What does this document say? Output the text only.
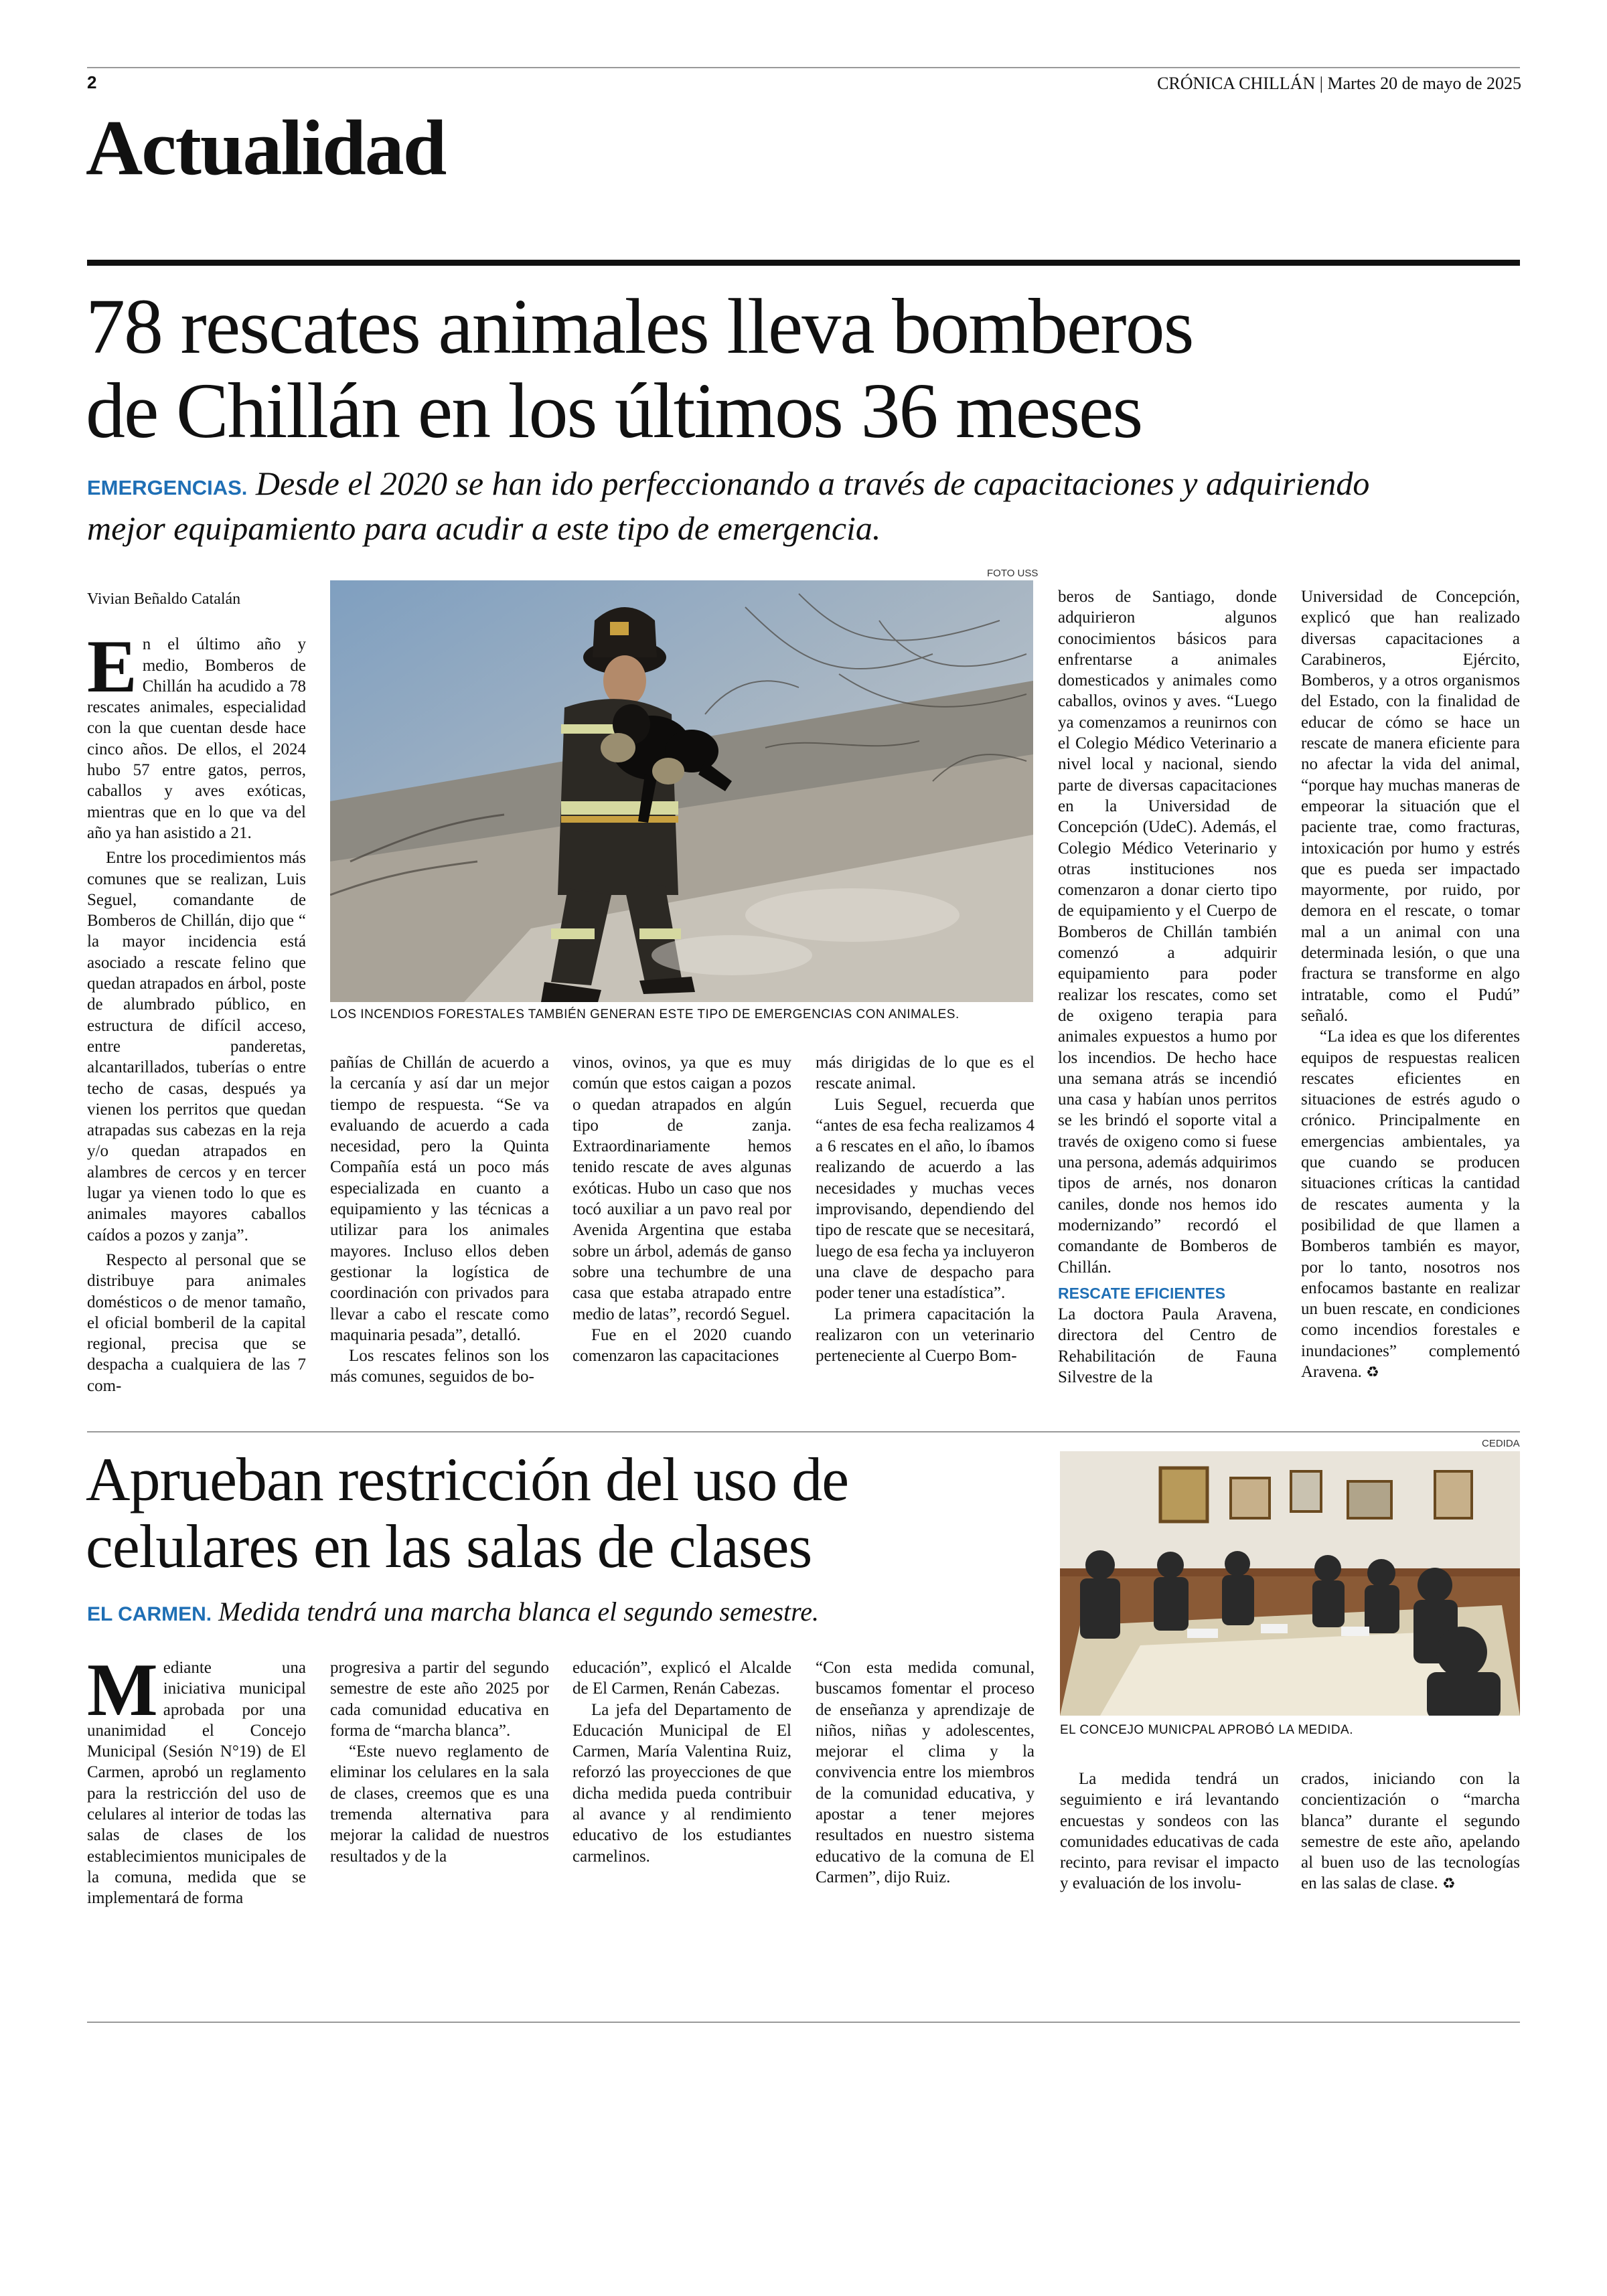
2	CRÓNICA CHILLÁN | Martes 20 de mayo de 2025
Actualidad
78 rescates animales lleva bomberos
de Chillán en los últimos 36 meses
EMERGENCIAS. Desde el 2020 se han ido perfeccionando a través de capacitaciones y adquiriendo
mejor equipamiento para acudir a este tipo de emergencia.
FOTO USS
LOS INCENDIOS FORESTALES TAMBIÉN GENERAN ESTE TIPO DE EMERGENCIAS CON ANIMALES.

Vivian Beñaldo Catalán

En el último año y medio, Bomberos de Chillán ha acudido a 78 rescates animales, especialidad con la que cuentan desde hace cinco años. De ellos, el 2024 hubo 57 entre gatos, perros, caballos y aves exóticas, mientras que en lo que va del año ya han asistido a 21.

Entre los procedimientos más comunes que se realizan, Luis Seguel, comandante de Bomberos de Chillán, dijo que “ la mayor incidencia está asociado a rescate felino que quedan atrapados en árbol, poste de alumbrado público, en estructura de difícil acceso, entre panderetas, alcantarillados, tuberías o entre techo de casas, después ya vienen los perritos que quedan atrapadas sus cabezas en la reja y/o quedan atrapados en alambres de cercos y en tercer lugar ya vienen todo lo que es animales mayores caballos caídos a pozos y zanja”.

Respecto al personal que se distribuye para animales domésticos o de menor tamaño, el oficial bomberil de la capital regional, precisa que se despacha a cualquiera de las 7 com-

pañías de Chillán de acuerdo a la cercanía y así dar un mejor tiempo de respuesta. “Se va evaluando de acuerdo a cada necesidad, pero la Quinta Compañía está un poco más especializada en cuanto a equipamiento y las técnicas a utilizar para los animales mayores. Incluso ellos deben gestionar la logística de coordinación con privados para llevar a cabo el rescate como maquinaria pesada”, detalló.

Los rescates felinos son los más comunes, seguidos de bo-

vinos, ovinos, ya que es muy común que estos caigan a pozos o quedan atrapados en algún tipo de zanja. Extraordinariamente hemos tenido rescate de aves algunas exóticas. Hubo un caso que nos tocó auxiliar a un pavo real por Avenida Argentina que estaba sobre un árbol, además de ganso sobre una techumbre de una casa que estaba atrapado entre medio de latas”, recordó Seguel.

Fue en el 2020 cuando comenzaron las capacitaciones

más dirigidas de lo que es el rescate animal.

Luis Seguel, recuerda que “antes de esa fecha realizamos 4 a 6 rescates en el año, lo íbamos realizando de acuerdo a las necesidades y muchas veces improvisando, dependiendo del tipo de rescate que se necesitará, luego de esa fecha ya incluyeron una clave de despacho para poder tener una estadística”.

La primera capacitación la realizaron con un veterinario perteneciente al Cuerpo Bom-

beros de Santiago, donde adquirieron algunos conocimientos básicos para enfrentarse a animales domesticados y animales como caballos, ovinos y aves. “Luego ya comenzamos a reunirnos con el Colegio Médico Veterinario a nivel local y nacional, siendo parte de diversas capacitaciones en la Universidad de Concepción (UdeC). Además, el Colegio Médico Veterinario y otras instituciones nos comenzaron a donar cierto tipo de equipamiento y el Cuerpo de Bomberos de Chillán también comenzó a adquirir equipamiento para poder realizar los rescates, como set de oxigeno terapia para animales expuestos a humo por los incendios. De hecho hace una semana atrás se incendió una casa y habían unos perritos se les brindó el soporte vital a través de oxigeno como si fuese una persona, además adquirimos tipos de arnés, nos donaron caniles, donde nos hemos ido modernizando” recordó el comandante de Bomberos de Chillán.

RESCATE EFICIENTES

La doctora Paula Aravena, directora del Centro de Rehabilitación de Fauna Silvestre de la

Universidad de Concepción, explicó que han realizado diversas capacitaciones a Carabineros, Ejército, Bomberos, y a otros organismos del Estado, con la finalidad de educar de cómo se hace un rescate de manera eficiente para no afectar la vida del animal, “porque hay muchas maneras de empeorar la situación que el paciente trae, como fracturas, intoxicación por humo y estrés que es pueda ser impactado mayormente, por ruido, por demora en el rescate, o tomar mal a un animal con una determinada lesión, o que una fractura se transforme en algo intratable, como el Pudú” señaló.

“La idea es que los diferentes equipos de respuestas realicen rescates eficientes en situaciones de estrés agudo o crónico. Principalmente en emergencias ambientales, ya que cuando se producen situaciones críticas la cantidad de rescates aumenta y la posibilidad de que llamen a Bomberos también es mayor, por lo tanto, nosotros nos enfocamos bastante en realizar un buen rescate, en condiciones como incendios forestales e inundaciones” complementó Aravena. ♻

Aprueban restricción del uso de
celulares en las salas de clases
EL CARMEN. Medida tendrá una marcha blanca el segundo semestre.
CEDIDA
EL CONCEJO MUNICPAL APROBÓ LA MEDIDA.

Mediante una iniciativa municipal aprobada por una unanimidad el Concejo Municipal (Sesión N°19) de El Carmen, aprobó un reglamento para la restricción del uso de celulares al interior de todas las salas de clases de los establecimientos municipales de la comuna, medida que se implementará de forma

progresiva a partir del segundo semestre de este año 2025 por cada comunidad educativa en forma de “marcha blanca”.

“Este nuevo reglamento de eliminar los celulares en la sala de clases, creemos que es una tremenda alternativa para mejorar la calidad de nuestros resultados y de la

educación”, explicó el Alcalde de El Carmen, Renán Cabezas.

La jefa del Departamento de Educación Municipal de El Carmen, María Valentina Ruiz, reforzó las proyecciones de que dicha medida pueda contribuir al avance y al rendimiento educativo de los estudiantes carmelinos.

“Con esta medida comunal, buscamos fomentar el proceso de enseñanza y aprendizaje de niños, niñas y adolescentes, mejorar el clima y la convivencia entre los miembros de la comunidad educativa, y apostar a tener mejores resultados en nuestro sistema educativo de la comuna de El Carmen”, dijo Ruiz.

La medida tendrá un seguimiento e irá levantando encuestas y sondeos con las comunidades educativas de cada recinto, para revisar el impacto y evaluación de los involu-

crados, iniciando con la concientización o “marcha blanca” durante el segundo semestre de este año, apelando al buen uso de las tecnologías en las salas de clase. ♻
